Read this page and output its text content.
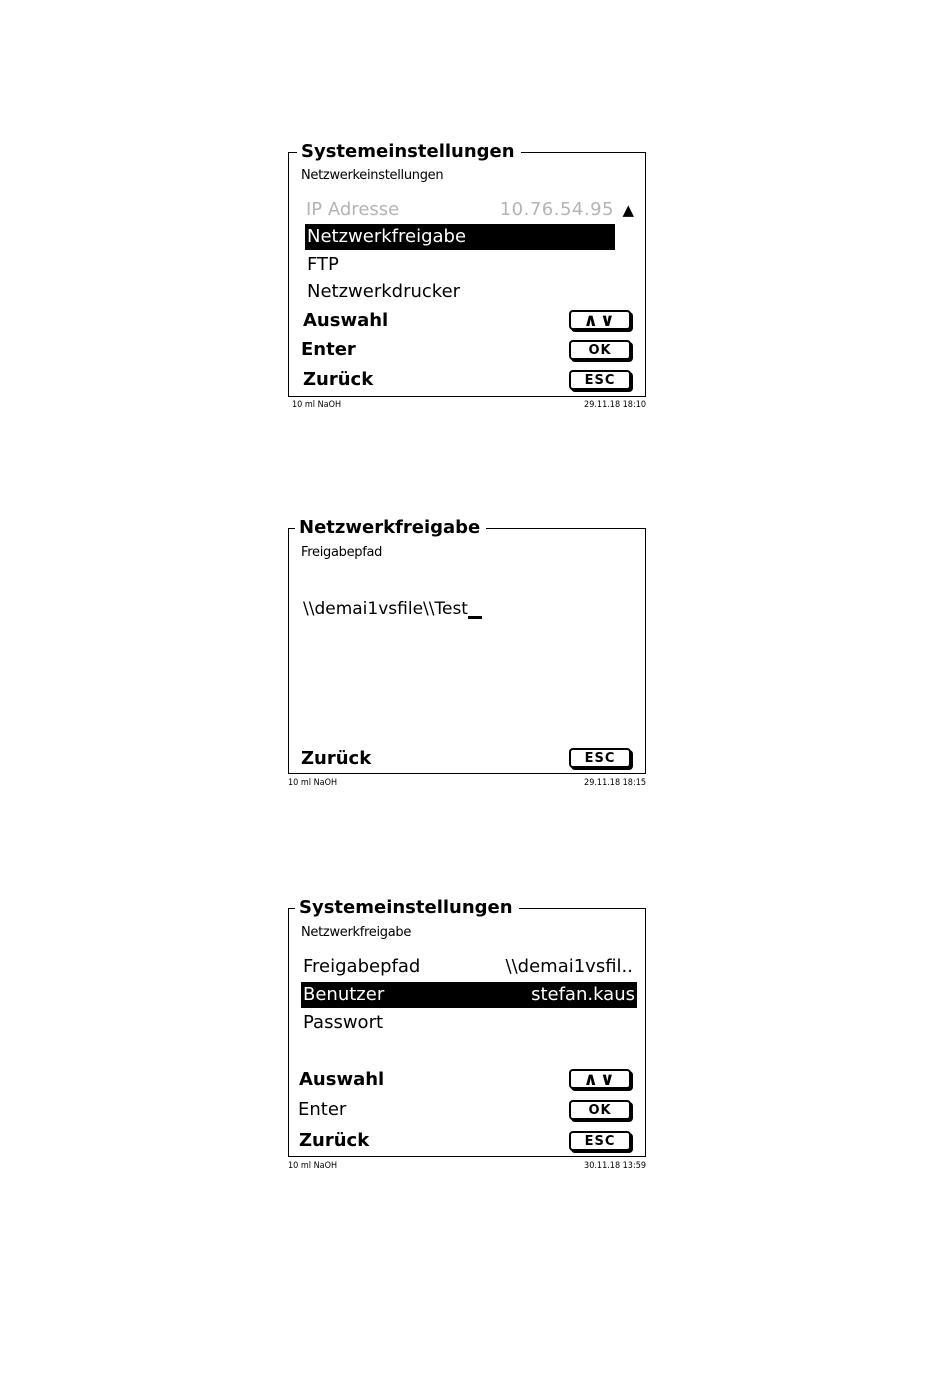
Systemeinstellungen
Netzwerkeinstellungen
IP Adresse	10.76.54.95 ▲
Netzwerkfreigabe
FTP
Netzwerkdrucker
Auswahl	∧∨
Enter	OK
Zurück	ESC
10 ml NaOH	29.11.18 18:10
Netzwerkfreigabe
Freigabepfad
\\demai1vsfile\\Test
Zurück	ESC
10 ml NaOH	29.11.18 18:15
Systemeinstellungen
Netzwerkfreigabe
Freigabepfad	\\demai1vsfil..
Benutzer	stefan.kaus
Passwort
Auswahl	∧∨
Enter	OK
Zurück	ESC
10 ml NaOH	30.11.18 13:59
